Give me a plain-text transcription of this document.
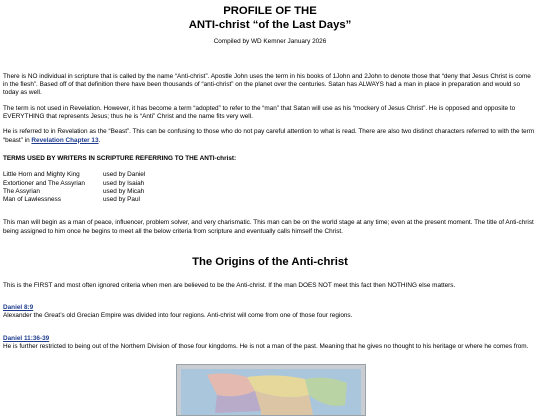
PROFILE OF THE
ANTI-christ “of the Last Days”
Compiled by WD Kemner January 2026

There is NO individual in scripture that is called by the name “Anti-christ”. Apostle John uses the term in his books of 1John and 2John to denote those that “deny that Jesus Christ is come in the flesh”. Based off of that definition there have been thousands of “anti-christ” on the planet over the centuries. Satan has ALWAYS had a man in place in preparation and would so today as well.

The term is not used in Revelation. However, it has become a term “adopted” to refer to the “man” that Satan will use as his “mockery of Jesus Christ”. He is opposed and opposite to EVERYTHING that represents Jesus; thus he is “Anti” Christ and the name fits very well.

He is referred to in Revelation as the “Beast”. This can be confusing to those who do not pay careful attention to what is read. There are also two distinct characters referred to with the term “beast” in Revelation Chapter 13.

TERMS USED BY WRITERS IN SCRIPTURE REFERRING TO THE ANTI-christ:
Little Horn and Mighty King	used by Daniel
Extortioner and The Assyrian	used by Isaiah
The Assyrian	used by Micah
Man of Lawlessness	used by Paul

This man will begin as a man of peace, influencer, problem solver, and very charismatic. This man can be on the world stage at any time; even at the present moment. The title of Anti-christ being assigned to him once he begins to meet all the below criteria from scripture and eventually calls himself the Christ.

The Origins of the Anti-christ

This is the FIRST and most often ignored criteria when men are believed to be the Anti-christ. If the man DOES NOT meet this fact then NOTHING else matters.

Daniel 8:9
Alexander the Great’s old Grecian Empire was divided into four regions. Anti-christ will come from one of those four regions.
Daniel 11:36-39
He is further restricted to being out of the Northern Division of those four kingdoms. He is not a man of the past. Meaning that he gives no thought to his heritage or where he comes from.
